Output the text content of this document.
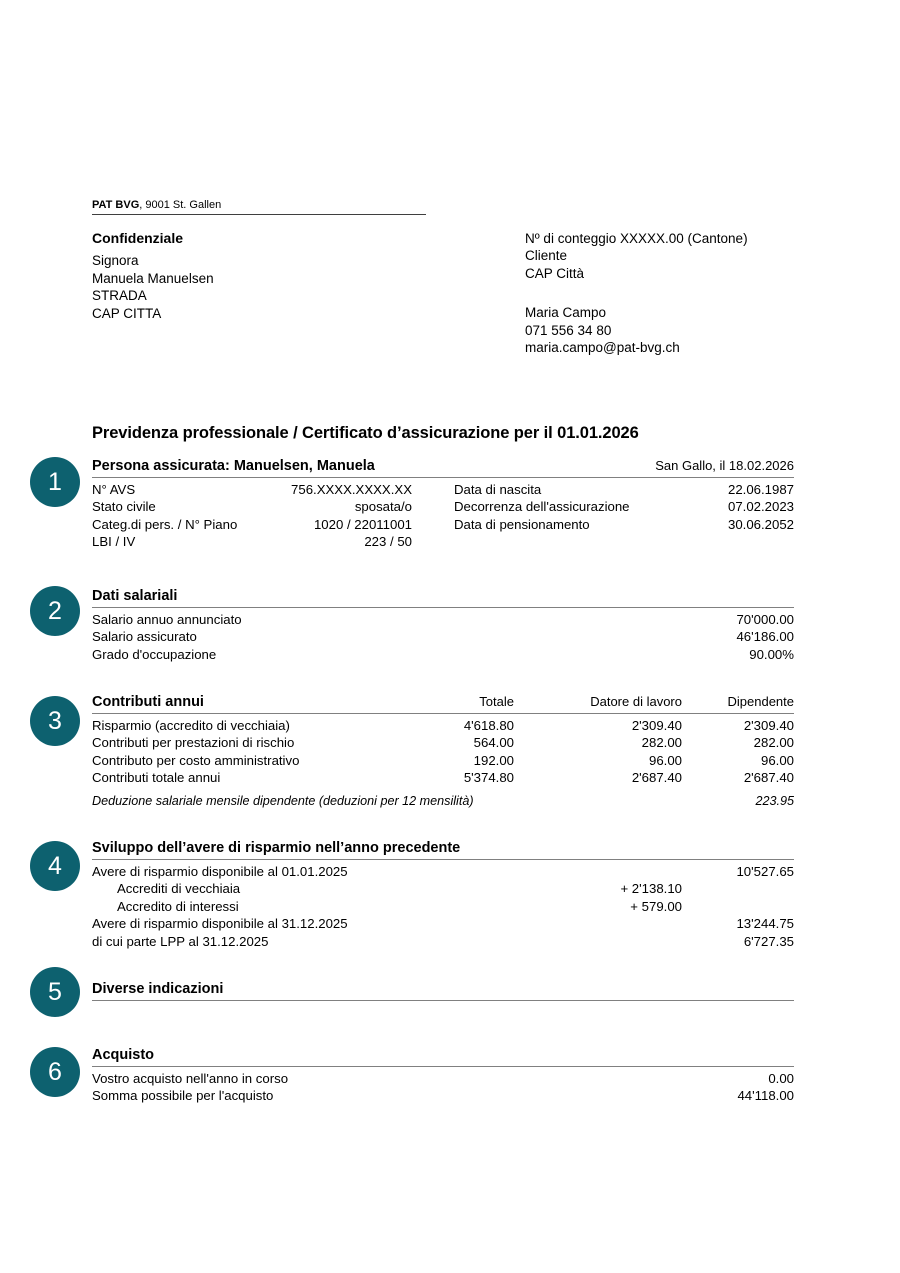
PAT BVG, 9001 St. Gallen
Confidenziale
Signora
Manuela Manuelsen
STRADA
CAP CITTA
Nº di conteggio XXXXX.00 (Cantone)
Cliente
CAP Città
Maria Campo
071 556 34 80
maria.campo@pat-bvg.ch
Previdenza professionale / Certificato d’assicurazione per il 01.01.2026
1
Persona assicurata: Manuelsen, Manuela	San Gallo, il 18.02.2026
N° AVS	756.XXXX.XXXX.XX	Data di nascita	22.06.1987
Stato civile	sposata/o	Decorrenza dell'assicurazione	07.02.2023
Categ.di pers. / N° Piano	1020 / 22011001	Data di pensionamento	30.06.2052
LBI / IV	223 / 50
2
Dati salariali
Salario annuo annunciato	70'000.00
Salario assicurato	46'186.00
Grado d'occupazione	90.00%
3
Contributi annui	Totale	Datore di lavoro	Dipendente
Risparmio (accredito di vecchiaia)	4'618.80	2'309.40	2'309.40
Contributi per prestazioni di rischio	564.00	282.00	282.00
Contributo per costo amministrativo	192.00	96.00	96.00
Contributi totale annui	5'374.80	2'687.40	2'687.40
Deduzione salariale mensile dipendente (deduzioni per 12 mensilità)	223.95
4
Sviluppo dell’avere di risparmio nell’anno precedente
Avere di risparmio disponibile al 01.01.2025	10'527.65
Accrediti di vecchiaia	+ 2'138.10
Accredito di interessi	+ 579.00
Avere di risparmio disponibile al 31.12.2025	13'244.75
di cui parte LPP al 31.12.2025	6'727.35
5 Diverse indicazioni
6
Acquisto
Vostro acquisto nell'anno in corso	0.00
Somma possibile per l'acquisto	44'118.00
